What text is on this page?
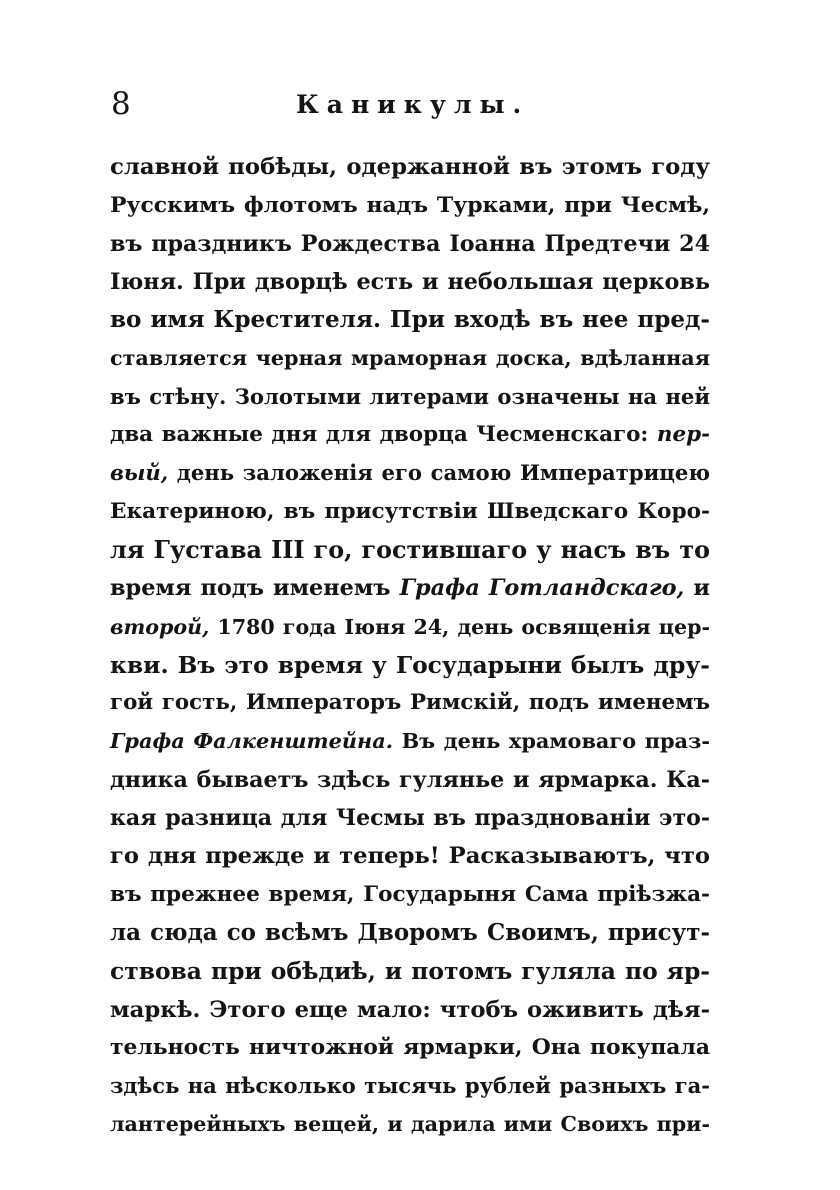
8	Каникулы.
славной побѣды, одержанной въ этомъ году
Русскимъ флотомъ надъ Турками, при Чесмѣ,
въ праздникъ Рождества Іоанна Предтечи 24
Іюня. При дворцѣ есть и небольшая церковь
во имя Крестителя. При входѣ въ нее пред-
ставляется черная мраморная доска, вдѣланная
въ стѣну. Золотыми литерами означены на ней
два важные дня для дворца Чесменскаго: пер-
вый, день заложенія его самою Императрицею
Екатериною, въ присутствіи Шведскаго Коро-
ля Густава III го, гостившаго у насъ въ то
время подъ именемъ Графа Готландскаго, и
второй, 1780 года Іюня 24, день освященія цер-
кви. Въ это время у Государыни былъ дру-
гой гость, Императоръ Римскій, подъ именемъ
Графа Фалкенштейна. Въ день храмоваго праз-
дника бываетъ здѣсь гулянье и ярмарка. Ка-
кая разница для Чесмы въ празднованіи это-
го дня прежде и теперь! Расказываютъ, что
въ прежнее время, Государыня Сама пріѣзжа-
ла сюда со всѣмъ Дворомъ Своимъ, присут-
ствова при обѣдиѣ, и потомъ гуляла по яр-
маркѣ. Этого еще мало: чтобъ оживить дѣя-
тельность ничтожной ярмарки, Она покупала
здѣсь на нѣсколько тысячь рублей разныхъ га-
лантерейныхъ вещей, и дарила ими Своихъ при-
